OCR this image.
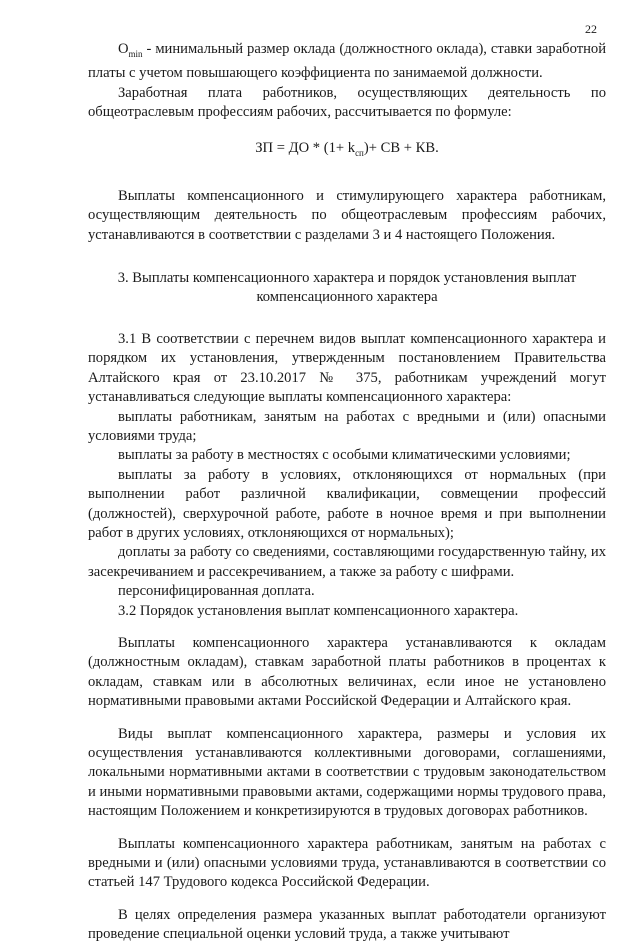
22

$O_{min}$ - минимальный размер оклада (должностного оклада), ставки заработной платы с учетом повышающего коэффициента по занимаемой должности.

Заработная плата работников, осуществляющих деятельность по общеотраслевым профессиям рабочих, рассчитывается по формуле:

ЗП = ДО * $(1+ k_{сп})+$ СВ + КВ.

Выплаты компенсационного и стимулирующего характера работникам, осуществляющим деятельность по общеотраслевым профессиям рабочих, устанавливаются в соответствии с разделами 3 и 4 настоящего Положения.

3. Выплаты компенсационного характера и порядок установления выплат компенсационного характера

3.1 В соответствии с перечнем видов выплат компенсационного характера и порядком их установления, утвержденным постановлением Правительства Алтайского края от 23.10.2017 № 375, работникам учреждений могут устанавливаться следующие выплаты компенсационного характера:

выплаты работникам, занятым на работах с вредными и (или) опасными условиями труда;

выплаты за работу в местностях с особыми климатическими условиями;

выплаты за работу в условиях, отклоняющихся от нормальных (при выполнении работ различной квалификации, совмещении профессий (должностей), сверхурочной работе, работе в ночное время и при выполнении работ в других условиях, отклоняющихся от нормальных);

доплаты за работу со сведениями, составляющими государственную тайну, их засекречиванием и рассекречиванием, а также за работу с шифрами.

персонифицированная доплата.

3.2 Порядок установления выплат компенсационного характера.

Выплаты компенсационного характера устанавливаются к окладам (должностным окладам), ставкам заработной платы работников в процентах к окладам, ставкам или в абсолютных величинах, если иное не установлено нормативными правовыми актами Российской Федерации и Алтайского края.

Виды выплат компенсационного характера, размеры и условия их осуществления устанавливаются коллективными договорами, соглашениями, локальными нормативными актами в соответствии с трудовым законодательством и иными нормативными правовыми актами, содержащими нормы трудового права, настоящим Положением и конкретизируются в трудовых договорах работников.

Выплаты компенсационного характера работникам, занятым на работах с вредными и (или) опасными условиями труда, устанавливаются в соответствии со статьей 147 Трудового кодекса Российской Федерации.

В целях определения размера указанных выплат работодатели организуют проведение специальной оценки условий труда, а также учитывают
